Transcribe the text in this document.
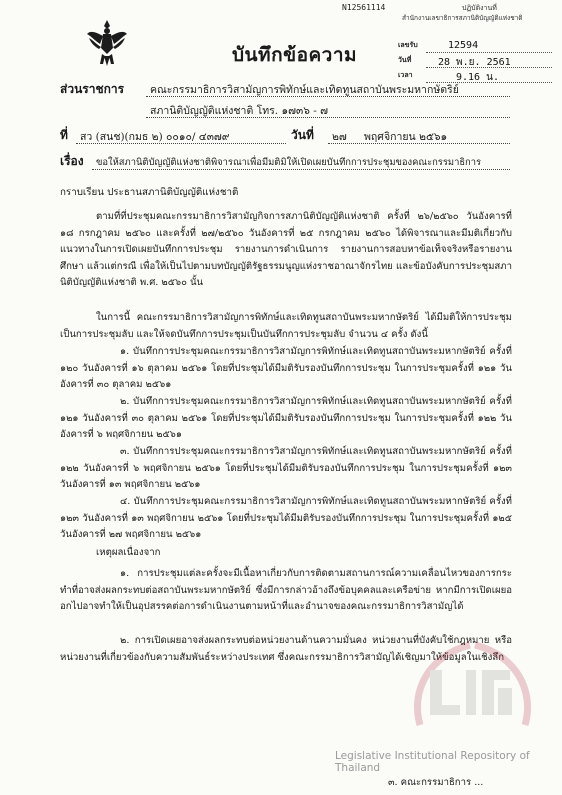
บันทึกข้อความ
N12561114	ปฏิบัติงานที่
สำนักงานเลขาธิการสภานิติบัญญัติแห่งชาติ
เลขรับ	12594
วันที่	28 พ.ย. 2561
เวลา	9.16 น.
ส่วนราชการ คณะกรรมาธิการวิสามัญการพิทักษ์และเทิดทูนสถาบันพระมหากษัตริย์
สภานิติบัญญัติแห่งชาติ โทร. ๑๗๓๖ - ๗
ที่ สว (สนช)(กมธ ๒) ๐๐๑๐/ ๔๓๗๙	วันที่ ๒๗ พฤศจิกายน ๒๕๖๑
เรื่อง ขอให้สภานิติบัญญัติแห่งชาติพิจารณาเพื่อมีมติมิให้เปิดเผยบันทึกการประชุมของคณะกรรมาธิการ
กราบเรียน ประธานสภานิติบัญญัติแห่งชาติ
ตามที่ที่ประชุมคณะกรรมาธิการวิสามัญกิจการสภานิติบัญญัติแห่งชาติ ครั้งที่ ๒๖/๒๕๖๐ วันอังคารที่ ๑๘ กรกฎาคม ๒๕๖๐ และครั้งที่ ๒๗/๒๕๖๐ วันอังคารที่ ๒๕ กรกฎาคม ๒๕๖๐ ได้พิจารณาและมีมติเกี่ยวกับแนวทางในการเปิดเผยบันทึกการประชุม รายงานการดำเนินการ รายงานการสอบหาข้อเท็จจริงหรือรายงานศึกษา แล้วแต่กรณี เพื่อให้เป็นไปตามบทบัญญัติรัฐธรรมนูญแห่งราชอาณาจักรไทย และข้อบังคับการประชุมสภานิติบัญญัติแห่งชาติ พ.ศ. ๒๕๖๐ นั้น
ในการนี้ คณะกรรมาธิการวิสามัญการพิทักษ์และเทิดทูนสถาบันพระมหากษัตริย์ ได้มีมติให้การประชุมเป็นการประชุมลับ และให้จดบันทึกการประชุมเป็นบันทึกการประชุมลับ จำนวน ๔ ครั้ง ดังนี้
๑. บันทึกการประชุมคณะกรรมาธิการวิสามัญการพิทักษ์และเทิดทูนสถาบันพระมหากษัตริย์ ครั้งที่ ๑๒๐ วันอังคารที่ ๑๖ ตุลาคม ๒๕๖๑ โดยที่ประชุมได้มีมติรับรองบันทึกการประชุม ในการประชุมครั้งที่ ๑๒๑ วันอังคารที่ ๓๐ ตุลาคม ๒๕๖๑
๒. บันทึกการประชุมคณะกรรมาธิการวิสามัญการพิทักษ์และเทิดทูนสถาบันพระมหากษัตริย์ ครั้งที่ ๑๒๑ วันอังคารที่ ๓๐ ตุลาคม ๒๕๖๑ โดยที่ประชุมได้มีมติรับรองบันทึกการประชุม ในการประชุมครั้งที่ ๑๒๒ วันอังคารที่ ๖ พฤศจิกายน ๒๕๖๑
๓. บันทึกการประชุมคณะกรรมาธิการวิสามัญการพิทักษ์และเทิดทูนสถาบันพระมหากษัตริย์ ครั้งที่ ๑๒๒ วันอังคารที่ ๖ พฤศจิกายน ๒๕๖๑ โดยที่ประชุมได้มีมติรับรองบันทึกการประชุม ในการประชุมครั้งที่ ๑๒๓ วันอังคารที่ ๑๓ พฤศจิกายน ๒๕๖๑
๔. บันทึกการประชุมคณะกรรมาธิการวิสามัญการพิทักษ์และเทิดทูนสถาบันพระมหากษัตริย์ ครั้งที่ ๑๒๓ วันอังคารที่ ๑๓ พฤศจิกายน ๒๕๖๑ โดยที่ประชุมได้มีมติรับรองบันทึกการประชุม ในการประชุมครั้งที่ ๑๒๕ วันอังคารที่ ๒๗ พฤศจิกายน ๒๕๖๑
เหตุผลเนื่องจาก
๑. การประชุมแต่ละครั้งจะมีเนื้อหาเกี่ยวกับการติดตามสถานการณ์ความเคลื่อนไหวของการกระทำที่อาจส่งผลกระทบต่อสถาบันพระมหากษัตริย์ ซึ่งมีการกล่าวอ้างถึงข้อบุคคลและเครือข่าย หากมีการเปิดเผยออกไปอาจทำให้เป็นอุปสรรคต่อการดำเนินงานตามหน้าที่และอำนาจของคณะกรรมาธิการวิสามัญได้
๒. การเปิดเผยอาจส่งผลกระทบต่อหน่วยงานด้านความมั่นคง หน่วยงานที่บังคับใช้กฎหมาย หรือหน่วยงานที่เกี่ยวข้องกับความสัมพันธ์ระหว่างประเทศ ซึ่งคณะกรรมาธิการวิสามัญได้เชิญมาให้ข้อมูลในเชิงลึก
Legislative Institutional Repository of Thailand
๓. คณะกรรมาธิการ ...
